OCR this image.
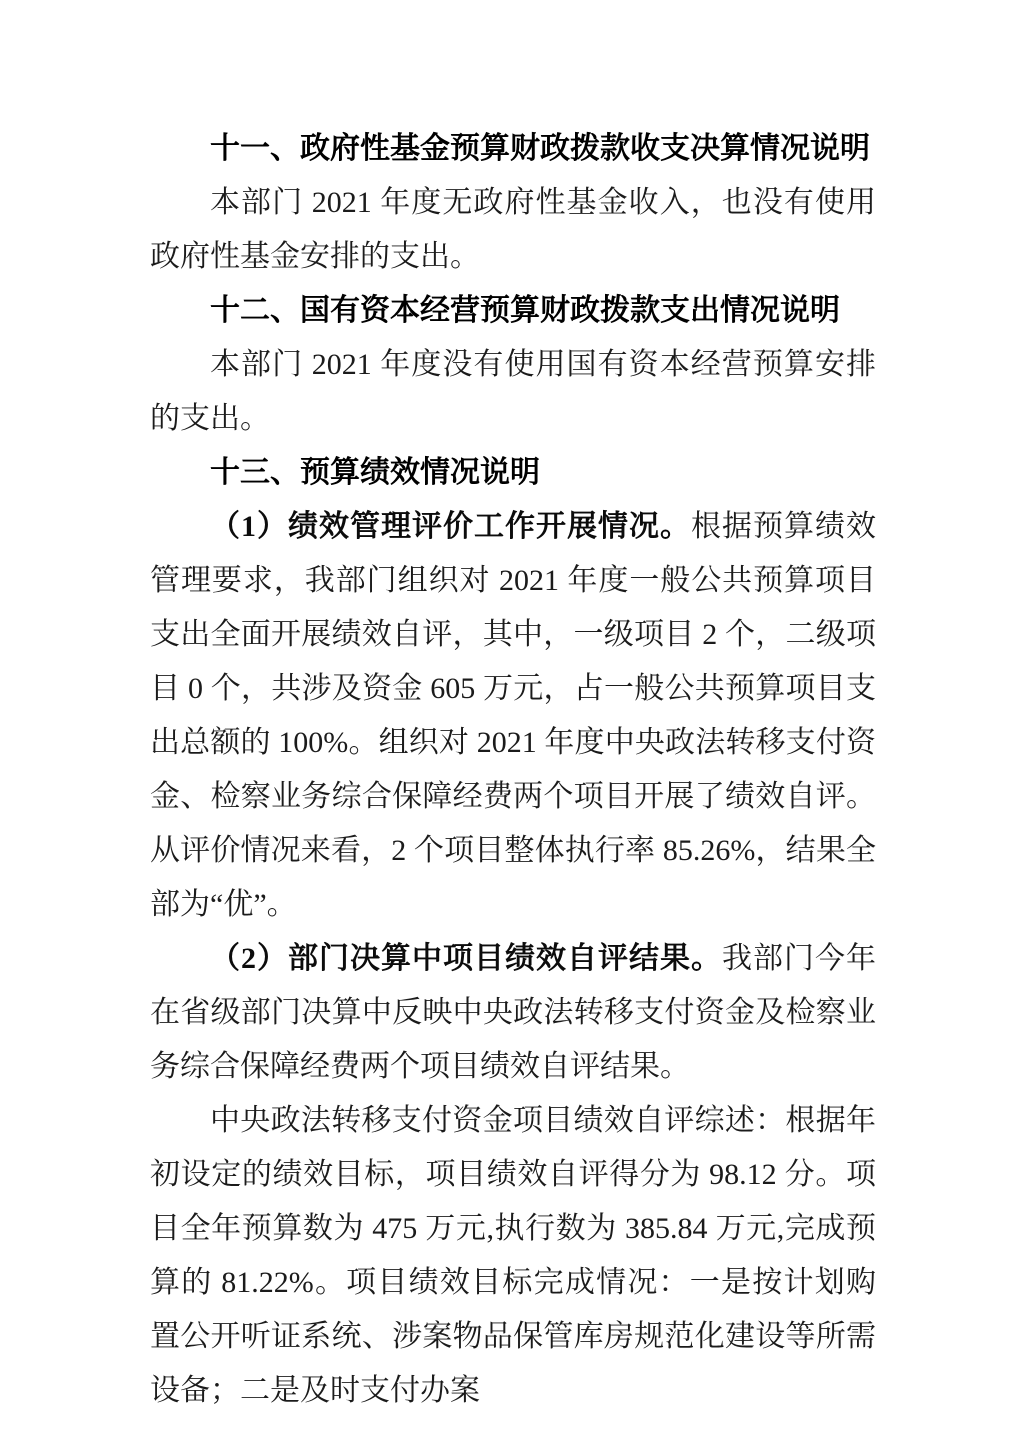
十一、政府性基金预算财政拨款收支决算情况说明

本部门 2021 年度无政府性基金收入，也没有使用政府性基金安排的支出。

十二、国有资本经营预算财政拨款支出情况说明

本部门 2021 年度没有使用国有资本经营预算安排的支出。

十三、预算绩效情况说明

（1）绩效管理评价工作开展情况。根据预算绩效管理要求，我部门组织对 2021 年度一般公共预算项目支出全面开展绩效自评，其中，一级项目 2 个，二级项目 0 个，共涉及资金 605 万元，占一般公共预算项目支出总额的 100%。组织对 2021 年度中央政法转移支付资金、检察业务综合保障经费两个项目开展了绩效自评。从评价情况来看，2 个项目整体执行率 85.26%，结果全部为“优”。

（2）部门决算中项目绩效自评结果。我部门今年在省级部门决算中反映中央政法转移支付资金及检察业务综合保障经费两个项目绩效自评结果。

中央政法转移支付资金项目绩效自评综述：根据年初设定的绩效目标，项目绩效自评得分为 98.12 分。项目全年预算数为 475 万元,执行数为 385.84 万元,完成预算的 81.22%。项目绩效目标完成情况：一是按计划购置公开听证系统、涉案物品保管库房规范化建设等所需设备；二是及时支付办案
